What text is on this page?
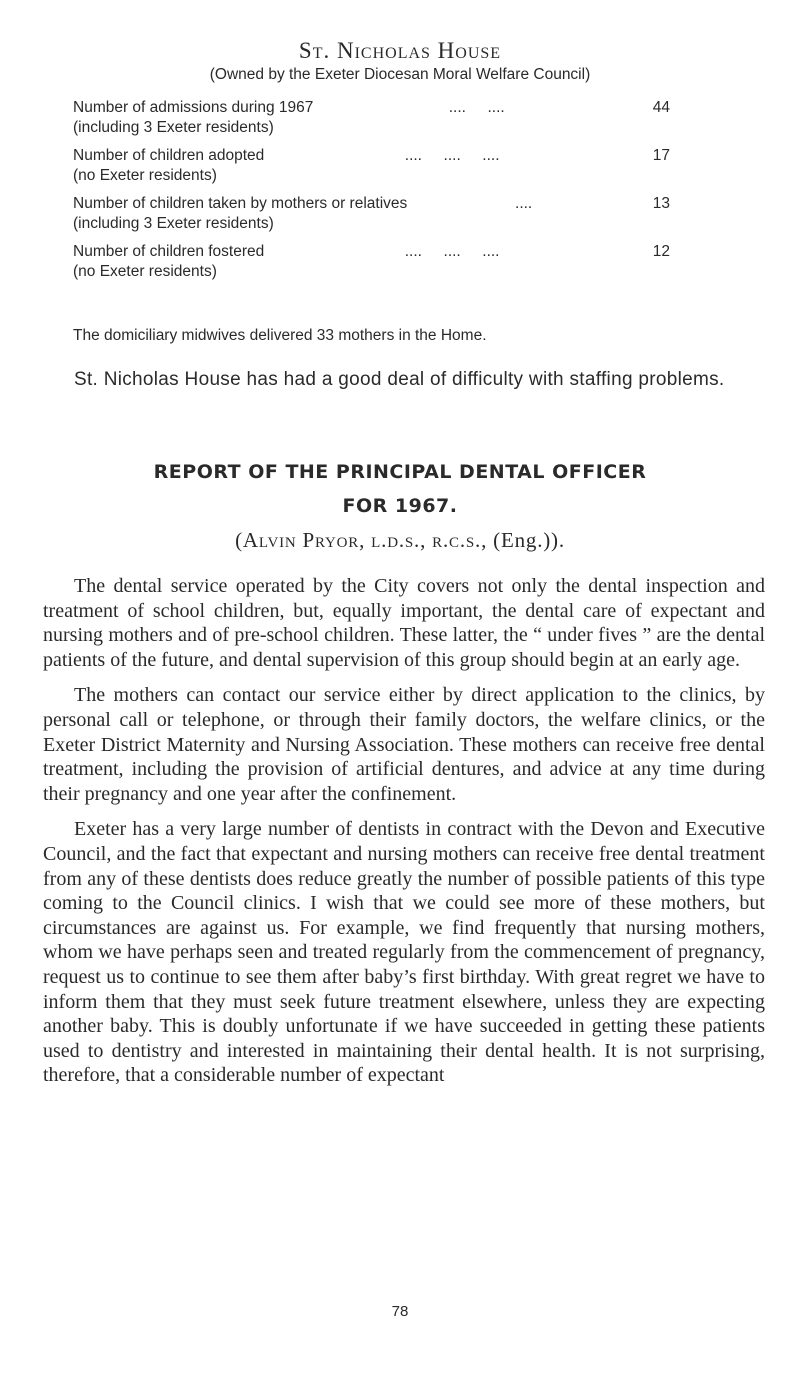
St. Nicholas House
(Owned by the Exeter Diocesan Moral Welfare Council)
Number of admissions during 1967	....     ....	44
(including 3 Exeter residents)
Number of children adopted	....     ....     ....	17
(no Exeter residents)
Number of children taken by mothers or relatives	....	13
(including 3 Exeter residents)
Number of children fostered	....     ....     ....	12
(no Exeter residents)
The domiciliary midwives delivered 33 mothers in the Home.
St. Nicholas House has had a good deal of difficulty with staffing problems.
REPORT OF THE PRINCIPAL DENTAL OFFICER
FOR 1967.
(Alvin Pryor, l.d.s., r.c.s., (Eng.)).

The dental service operated by the City covers not only the dental inspection and treatment of school children, but, equally important, the dental care of expectant and nursing mothers and of pre-school children. These latter, the “ under fives ” are the dental patients of the future, and dental supervision of this group should begin at an early age.

The mothers can contact our service either by direct application to the clinics, by personal call or telephone, or through their family doctors, the welfare clinics, or the Exeter District Maternity and Nursing Association. These mothers can receive free dental treatment, including the provision of artificial dentures, and advice at any time during their pregnancy and one year after the confinement.

Exeter has a very large number of dentists in contract with the Devon and Executive Council, and the fact that expectant and nursing mothers can receive free dental treatment from any of these dentists does reduce greatly the number of possible patients of this type coming to the Council clinics. I wish that we could see more of these mothers, but circumstances are against us. For example, we find frequently that nursing mothers, whom we have perhaps seen and treated regularly from the commencement of pregnancy, request us to continue to see them after baby’s first birthday. With great regret we have to inform them that they must seek future treatment elsewhere, unless they are expecting another baby. This is doubly unfortunate if we have succeeded in getting these patients used to dentistry and interested in maintaining their dental health. It is not surprising, therefore, that a considerable number of expectant

78
